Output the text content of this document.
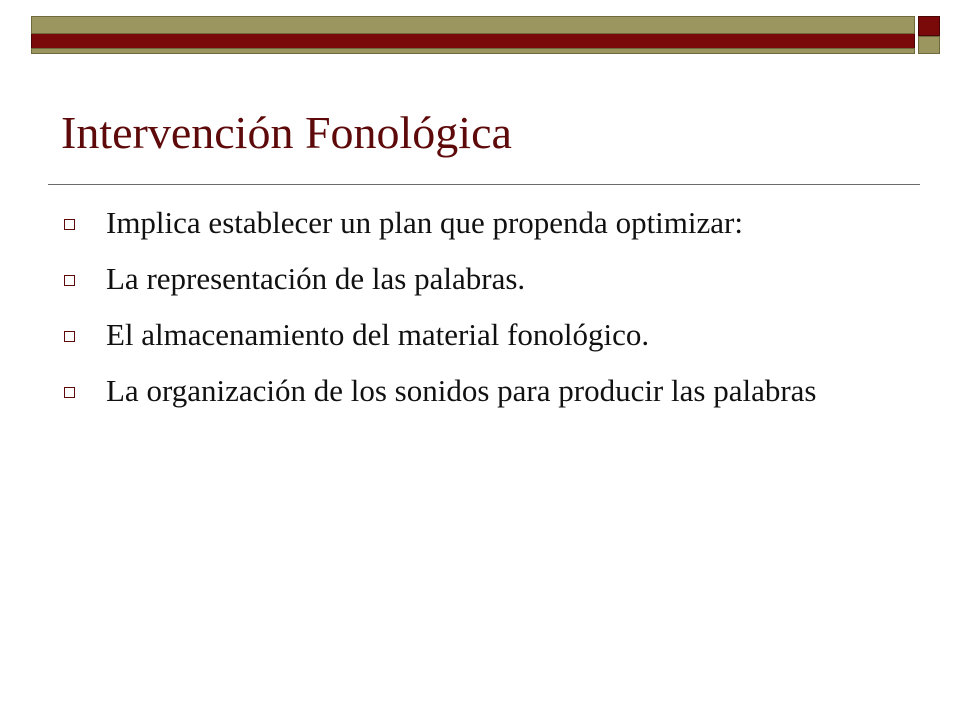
Intervención Fonológica
Implica establecer un plan que propenda optimizar:
La representación de las palabras.
El almacenamiento del material fonológico.
La organización de los sonidos para producir las palabras
